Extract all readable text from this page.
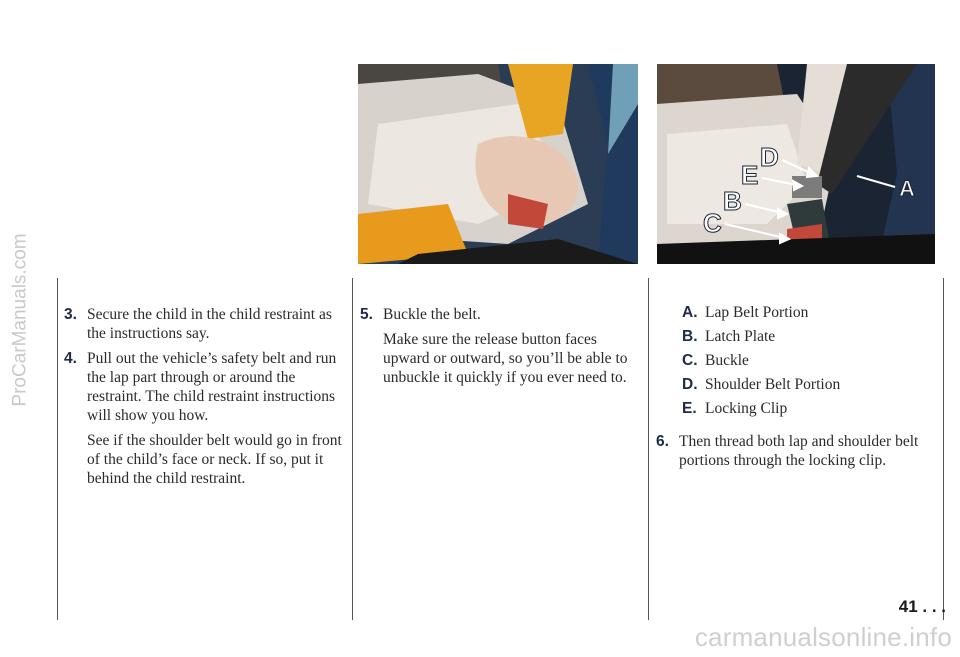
ProCarManuals.com
D
E
B
C
A
3. Secure the child in the child restraint as the instructions say.
4. Pull out the vehicle’s safety belt and run the lap part through or around the restraint. The child restraint instructions will show you how.
See if the shoulder belt would go in front of the child’s face or neck. If so, put it behind the child restraint.
5. Buckle the belt.
Make sure the release button faces upward or outward, so you’ll be able to unbuckle it quickly if you ever need to.
A. Lap Belt Portion
B. Latch Plate
C. Buckle
D. Shoulder Belt Portion
E. Locking Clip
6. Then thread both lap and shoulder belt portions through the locking clip.
41 . . .
carmanualsonline.info
